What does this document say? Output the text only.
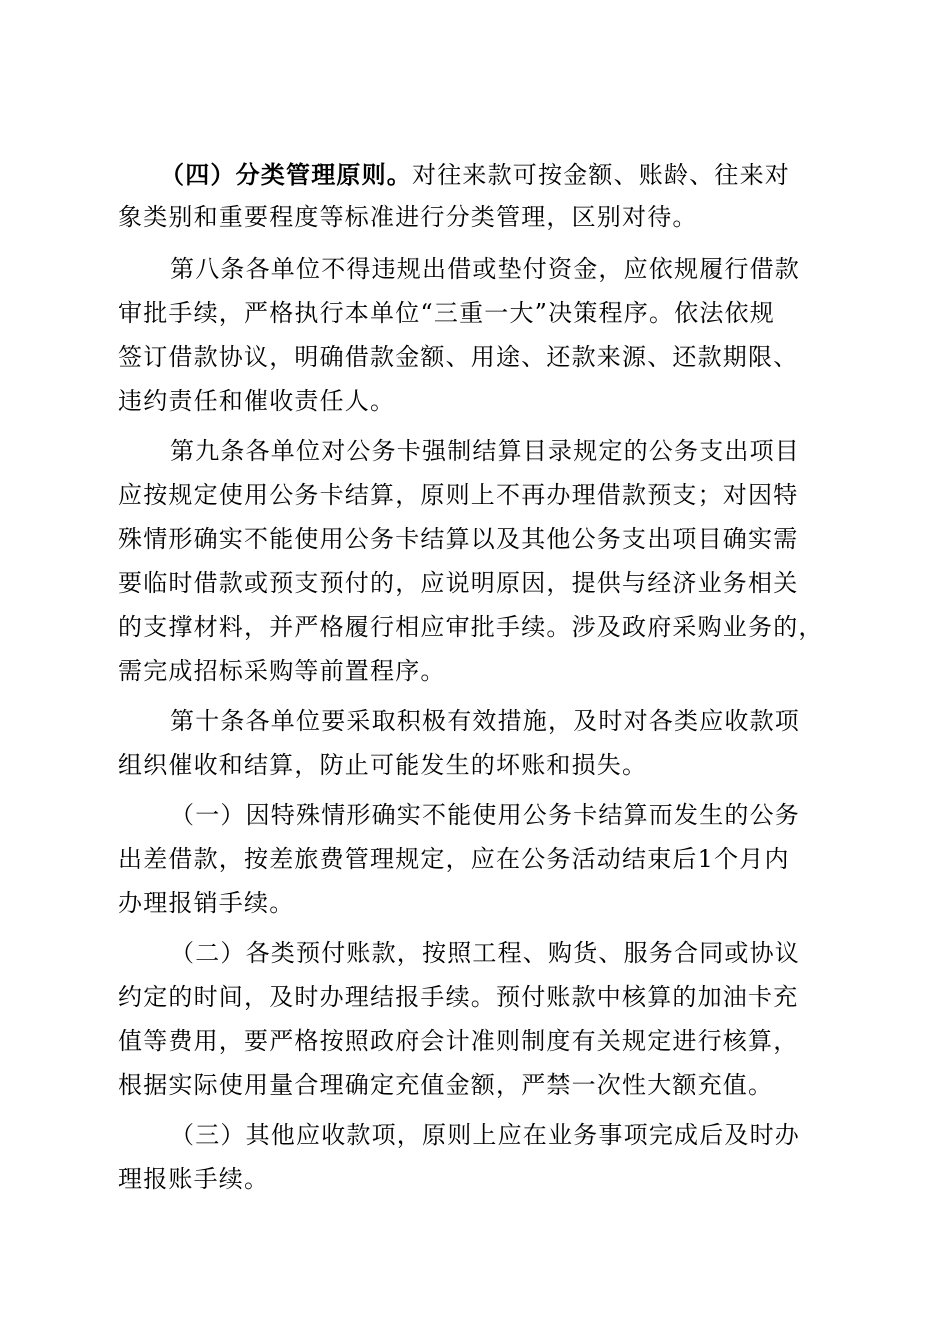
（四）分类管理原则。对往来款可按金额、账龄、往来对
象类别和重要程度等标准进行分类管理，区别对待。
第八条各单位不得违规出借或垫付资金，应依规履行借款
审批手续，严格执行本单位“三重一大”决策程序。依法依规
签订借款协议，明确借款金额、用途、还款来源、还款期限、
违约责任和催收责任人。
第九条各单位对公务卡强制结算目录规定的公务支出项目
应按规定使用公务卡结算，原则上不再办理借款预支；对因特
殊情形确实不能使用公务卡结算以及其他公务支出项目确实需
要临时借款或预支预付的，应说明原因，提供与经济业务相关
的支撑材料，并严格履行相应审批手续。涉及政府采购业务的，
需完成招标采购等前置程序。
第十条各单位要采取积极有效措施，及时对各类应收款项
组织催收和结算，防止可能发生的坏账和损失。
（一）因特殊情形确实不能使用公务卡结算而发生的公务
出差借款，按差旅费管理规定，应在公务活动结束后1个月内
办理报销手续。
（二）各类预付账款，按照工程、购货、服务合同或协议
约定的时间，及时办理结报手续。预付账款中核算的加油卡充
值等费用，要严格按照政府会计准则制度有关规定进行核算，
根据实际使用量合理确定充值金额，严禁一次性大额充值。
（三）其他应收款项，原则上应在业务事项完成后及时办
理报账手续。
